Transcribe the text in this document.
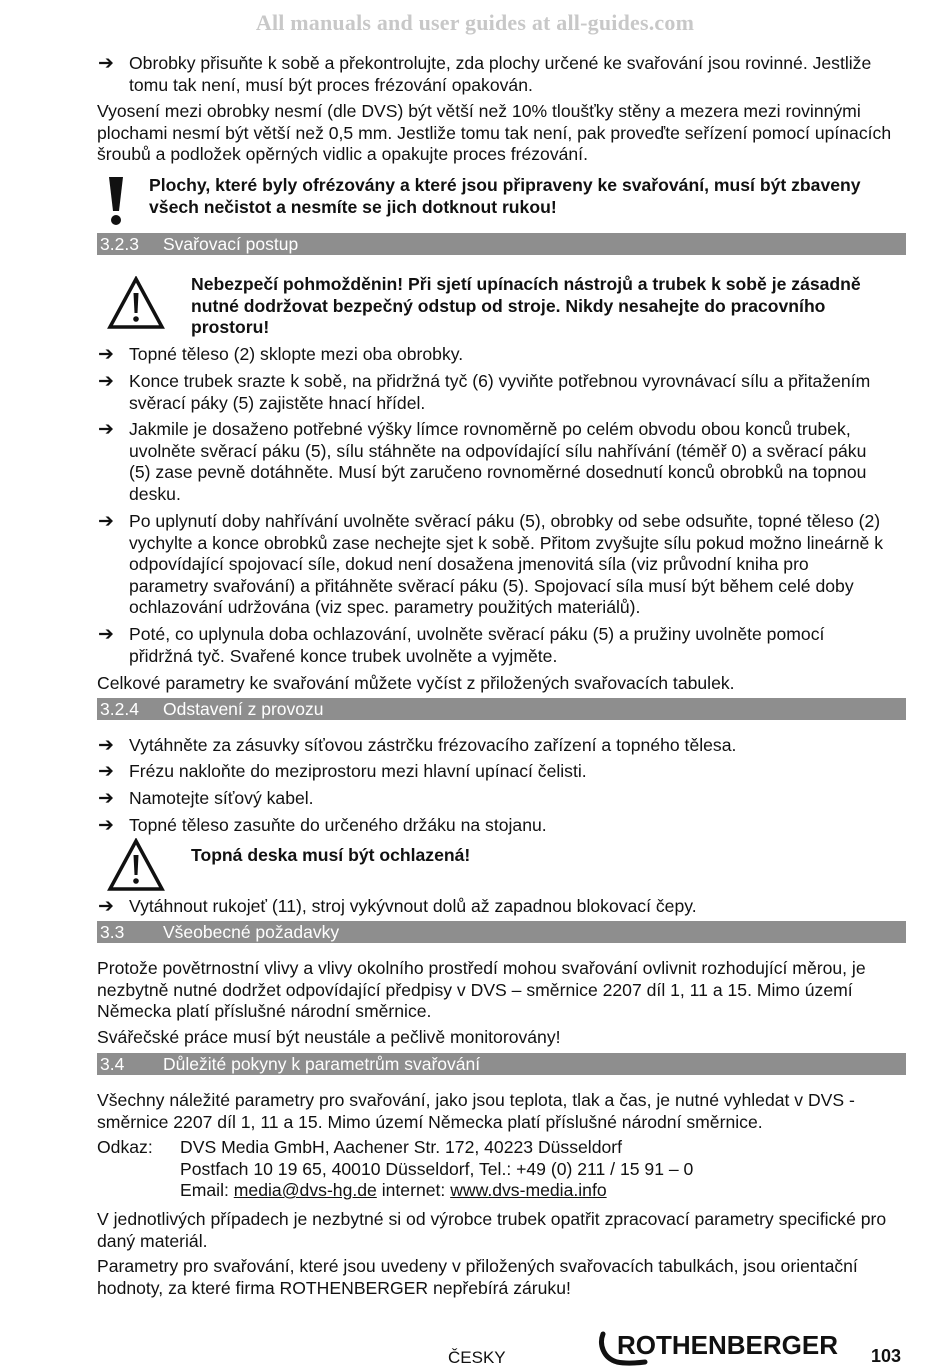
All manuals and user guides at all-guides.com
➔ Obrobky přisuňte k sobě a překontrolujte, zda plochy určené ke svařování jsou rovinné. Jestliže tomu tak není, musí být proces frézování opakován.
Vyosení mezi obrobky nesmí (dle DVS) být větší než 10% tloušťky stěny a mezera mezi rovinnými plochami nesmí být větší než 0,5 mm. Jestliže tomu tak není, pak proveďte seřízení pomocí upínacích šroubů a podložek opěrných vidlic a opakujte proces frézování.
Plochy, které byly ofrézovány a které jsou připraveny ke svařování, musí být zbaveny všech nečistot a nesmíte se jich dotknout rukou!
3.2.3 Svařovací postup
Nebezpečí pohmožděnin! Při sjetí upínacích nástrojů a trubek k sobě je zásadně nutné dodržovat bezpečný odstup od stroje. Nikdy nesahejte do pracovního prostoru!
➔ Topné těleso (2) sklopte mezi oba obrobky.
➔ Konce trubek srazte k sobě, na přidržná tyč (6) vyviňte potřebnou vyrovnávací sílu a přitažením svěrací páky (5) zajistěte hnací hřídel.
➔ Jakmile je dosaženo potřebné výšky límce rovnoměrně po celém obvodu obou konců trubek, uvolněte svěrací páku (5), sílu stáhněte na odpovídající sílu nahřívání (téměř 0) a svěrací páku (5) zase pevně dotáhněte. Musí být zaručeno rovnoměrné dosednutí konců obrobků na topnou desku.
➔ Po uplynutí doby nahřívání uvolněte svěrací páku (5), obrobky od sebe odsuňte, topné těleso (2) vychylte a konce obrobků zase nechejte sjet k sobě. Přitom zvyšujte sílu pokud možno lineárně k odpovídající spojovací síle, dokud není dosažena jmenovitá síla (viz průvodní kniha pro parametry svařování) a přitáhněte svěrací páku (5). Spojovací síla musí být během celé doby ochlazování udržována (viz spec. parametry použitých materiálů).
➔ Poté, co uplynula doba ochlazování, uvolněte svěrací páku (5) a pružiny uvolněte pomocí přidržná tyč. Svařené konce trubek uvolněte a vyjměte.
Celkové parametry ke svařování můžete vyčíst z přiložených svařovacích tabulek.
3.2.4 Odstavení z provozu
➔ Vytáhněte za zásuvky síťovou zástrčku frézovacího zařízení a topného tělesa.
➔ Frézu nakloňte do meziprostoru mezi hlavní upínací čelisti.
➔ Namotejte síťový kabel.
➔ Topné těleso zasuňte do určeného držáku na stojanu.
Topná deska musí být ochlazená!
➔ Vytáhnout rukojeť (11), stroj vykývnout dolů až zapadnou blokovací čepy.
3.3 Všeobecné požadavky
Protože povětrnostní vlivy a vlivy okolního prostředí mohou svařování ovlivnit rozhodující měrou, je nezbytně nutné dodržet odpovídající předpisy v DVS – směrnice 2207 díl 1, 11 a 15. Mimo území Německa platí příslušné národní směrnice.
Svářečské práce musí být neustále a pečlivě monitorovány!
3.4 Důležité pokyny k parametrům svařování
Všechny náležité parametry pro svařování, jako jsou teplota, tlak a čas, je nutné vyhledat v DVS - směrnice 2207 díl 1, 11 a 15. Mimo území Německa platí příslušné národní směrnice.
Odkaz: DVS Media GmbH, Aachener Str. 172, 40223 Düsseldorf
Postfach 10 19 65, 40010 Düsseldorf, Tel.: +49 (0) 211 / 15 91 – 0
Email: media@dvs-hg.de internet: www.dvs-media.info
V jednotlivých případech je nezbytné si od výrobce trubek opatřit zpracovací parametry specifické pro daný materiál.
Parametry pro svařování, které jsou uvedeny v přiložených svařovacích tabulkách, jsou orientační hodnoty, za které firma ROTHENBERGER nepřebírá záruku!
ČESKY	ROTHENBERGER 103
